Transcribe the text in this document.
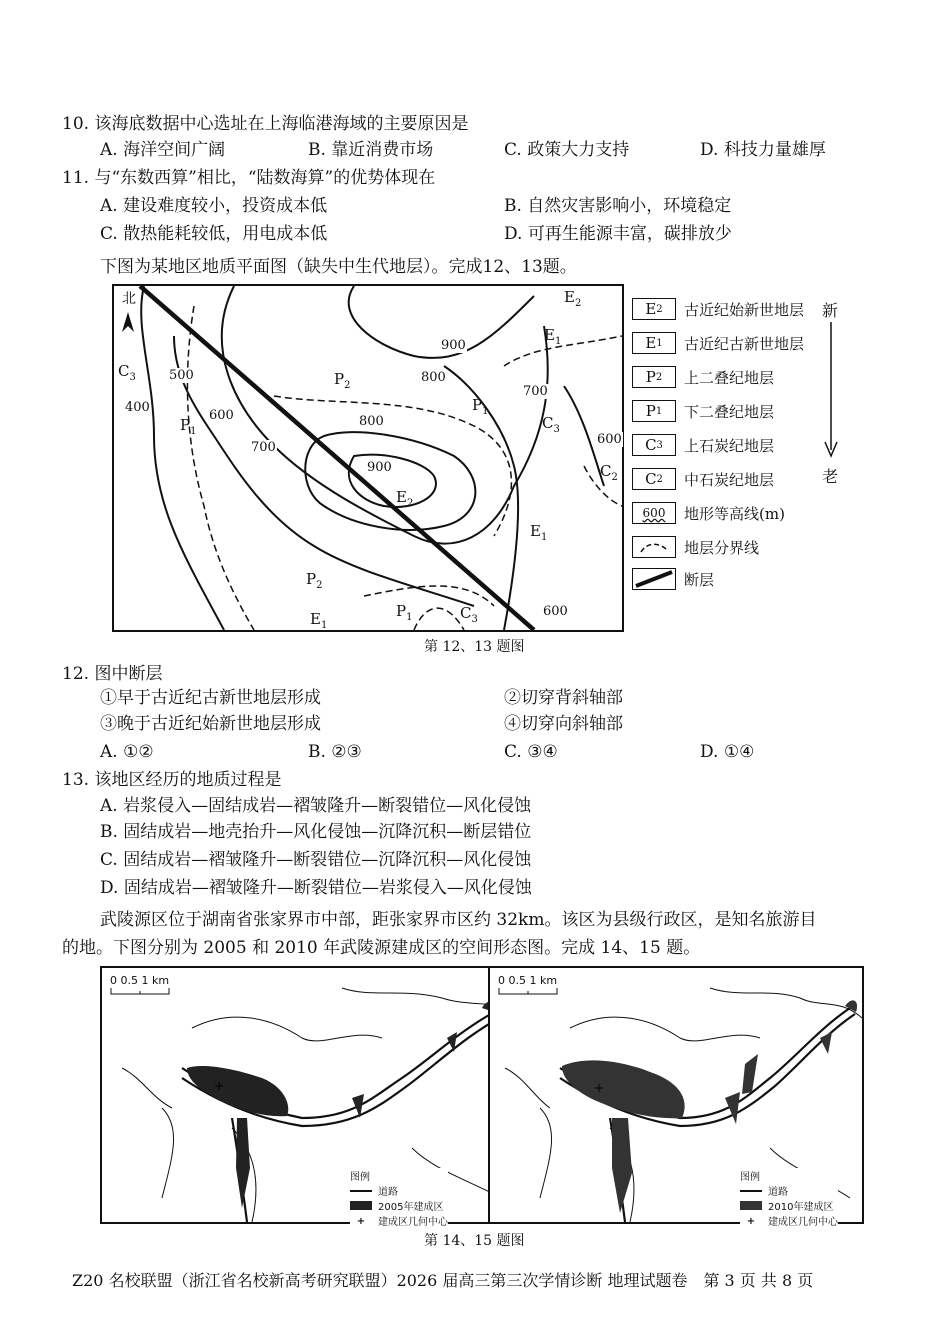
10. 该海底数据中心选址在上海临港海域的主要原因是
A. 海洋空间广阔	B. 靠近消费市场	C. 政策大力支持	D. 科技力量雄厚
11. 与“东数西算”相比，“陆数海算”的优势体现在
A. 建设难度较小，投资成本低	B. 自然灾害影响小，环境稳定
C. 散热能耗较低，用电成本低	D. 可再生能源丰富，碳排放少
下图为某地区地质平面图（缺失中生代地层）。完成12、13题。
北
500
400
600
700
900
800
800
900
700
600
600
$E_2$
$E_1$
$C_3$	$P_2$
$P_1$
$P_1$
$C_3$
$C_2$
$E_2$
$E_1$
$P_2$
$P_1$	$C_3$
$E_1$
E 2 古近纪始新世地层
E 1 古近纪古新世地层
P 2 上二叠纪地层
P 1 下二叠纪地层
C 3 上石炭纪地层
C 2 中石炭纪地层
600	地形等高线(m)
地层分界线
断层
新
老
第 12、13 题图
12. 图中断层
①早于古近纪古新世地层形成	②切穿背斜轴部
③晚于古近纪始新世地层形成	④切穿向斜轴部
A. ①②	B. ②③	C. ③④	D. ①④
13. 该地区经历的地质过程是
A. 岩浆侵入—固结成岩—褶皱隆升—断裂错位—风化侵蚀
B. 固结成岩—地壳抬升—风化侵蚀—沉降沉积—断层错位
C. 固结成岩—褶皱隆升—断裂错位—沉降沉积—风化侵蚀
D. 固结成岩—褶皱隆升—断裂错位—岩浆侵入—风化侵蚀
武陵源区位于湖南省张家界市中部，距张家界市区约 32km。该区为县级行政区，是知名旅游目
的地。下图分别为 2005 和 2010 年武陵源建成区的空间形态图。完成 14、15 题。
+
0 0.5 1 km
图例
道路
2005年建成区
+	建成区几何中心
+
0 0.5 1 km
图例
道路
2010年建成区
+	建成区几何中心
第 14、15 题图
Z20 名校联盟（浙江省名校新高考研究联盟）2026 届高三第三次学情诊断 地理试题卷　第 3 页 共 8 页
